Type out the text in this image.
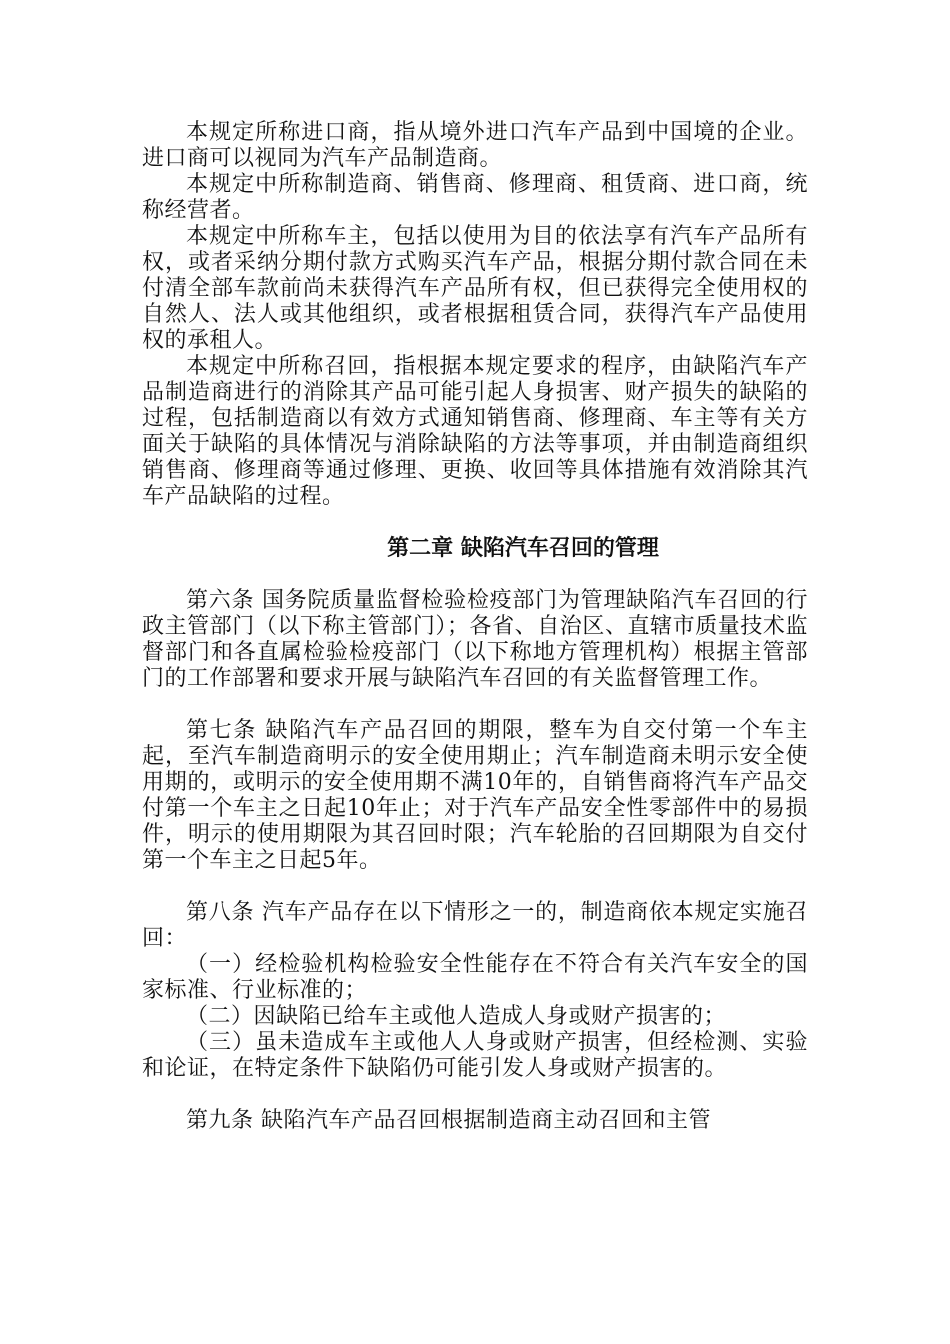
本规定所称进口商，指从境外进口汽车产品到中国境的企业。进口商可以视同为汽车产品制造商。

本规定中所称制造商、销售商、修理商、租赁商、进口商，统称经营者。

本规定中所称车主，包括以使用为目的依法享有汽车产品所有权，或者采纳分期付款方式购买汽车产品，根据分期付款合同在未付清全部车款前尚未获得汽车产品所有权，但已获得完全使用权的自然人、法人或其他组织，或者根据租赁合同，获得汽车产品使用权的承租人。

本规定中所称召回，指根据本规定要求的程序，由缺陷汽车产品制造商进行的消除其产品可能引起人身损害、财产损失的缺陷的过程，包括制造商以有效方式通知销售商、修理商、车主等有关方面关于缺陷的具体情况与消除缺陷的方法等事项，并由制造商组织销售商、修理商等通过修理、更换、收回等具体措施有效消除其汽车产品缺陷的过程。

第二章 缺陷汽车召回的管理

第六条 国务院质量监督检验检疫部门为管理缺陷汽车召回的行政主管部门（以下称主管部门）；各省、自治区、直辖市质量技术监督部门和各直属检验检疫部门（以下称地方管理机构）根据主管部门的工作部署和要求开展与缺陷汽车召回的有关监督管理工作。

第七条 缺陷汽车产品召回的期限，整车为自交付第一个车主起，至汽车制造商明示的安全使用期止；汽车制造商未明示安全使用期的，或明示的安全使用期不满10年的，自销售商将汽车产品交付第一个车主之日起10年止；对于汽车产品安全性零部件中的易损件，明示的使用期限为其召回时限；汽车轮胎的召回期限为自交付第一个车主之日起5年。

第八条 汽车产品存在以下情形之一的，制造商依本规定实施召回：

（一）经检验机构检验安全性能存在不符合有关汽车安全的国家标准、行业标准的；

（二）因缺陷已给车主或他人造成人身或财产损害的；

（三）虽未造成车主或他人人身或财产损害，但经检测、实验和论证，在特定条件下缺陷仍可能引发人身或财产损害的。

第九条 缺陷汽车产品召回根据制造商主动召回和主管
